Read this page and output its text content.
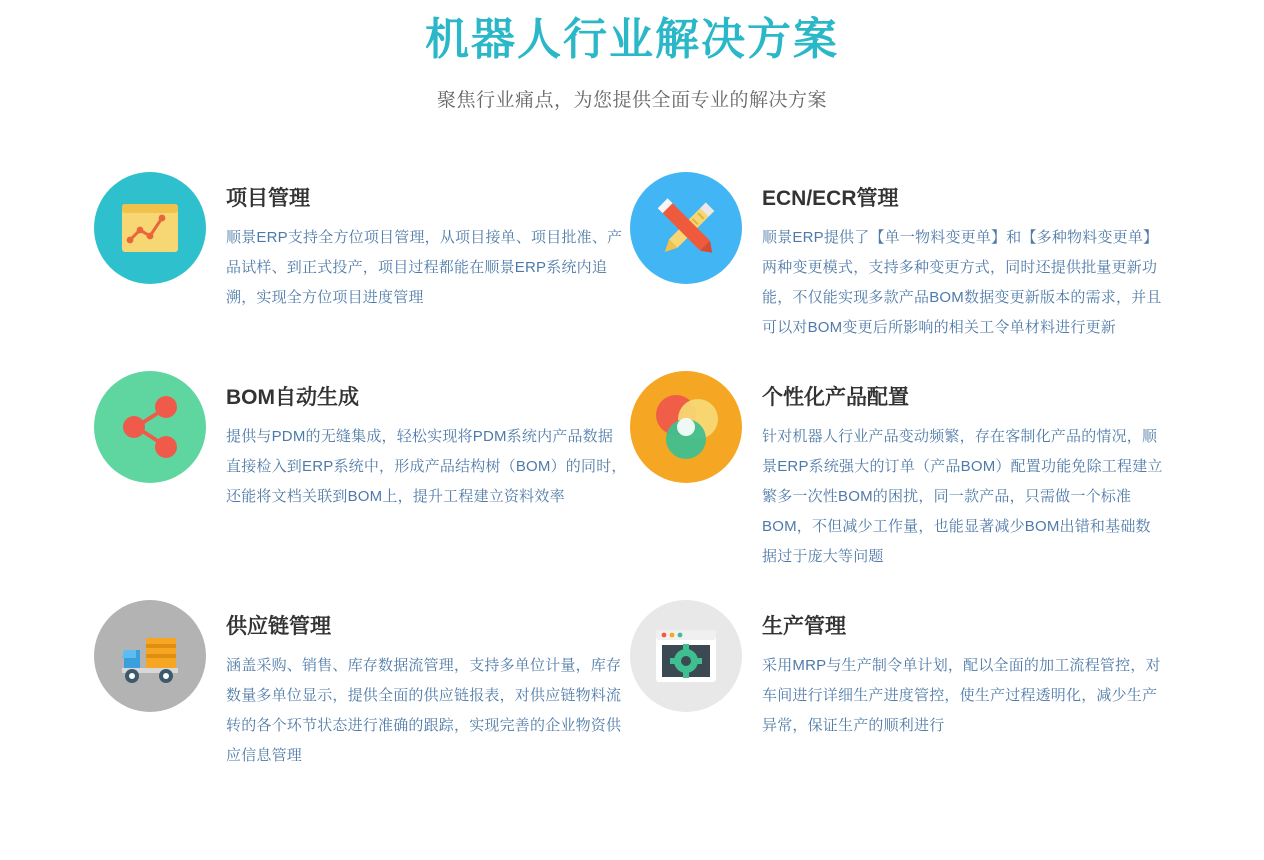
机器人行业解决方案

聚焦行业痛点，为您提供全面专业的解决方案

项目管理

顺景ERP支持全方位项目管理，从项目接单、项目批准、产品试样、到正式投产，项目过程都能在顺景ERP系统内追溯，实现全方位项目进度管理

ECN/ECR管理

顺景ERP提供了【单一物料变更单】和【多种物料变更单】两种变更模式，支持多种变更方式，同时还提供批量更新功能，不仅能实现多款产品BOM数据变更新版本的需求，并且可以对BOM变更后所影响的相关工令单材料进行更新

BOM自动生成

提供与PDM的无缝集成，轻松实现将PDM系统内产品数据直接检入到ERP系统中，形成产品结构树（BOM）的同时，还能将文档关联到BOM上，提升工程建立资料效率

个性化产品配置

针对机器人行业产品变动频繁，存在客制化产品的情况，顺景ERP系统强大的订单（产品BOM）配置功能免除工程建立繁多一次性BOM的困扰，同一款产品，只需做一个标准BOM，不但减少工作量，也能显著减少BOM出错和基础数据过于庞大等问题

供应链管理

涵盖采购、销售、库存数据流管理，支持多单位计量，库存数量多单位显示，提供全面的供应链报表，对供应链物料流转的各个环节状态进行准确的跟踪，实现完善的企业物资供应信息管理

生产管理

采用MRP与生产制令单计划，配以全面的加工流程管控，对车间进行详细生产进度管控，使生产过程透明化，减少生产异常，保证生产的顺利进行
